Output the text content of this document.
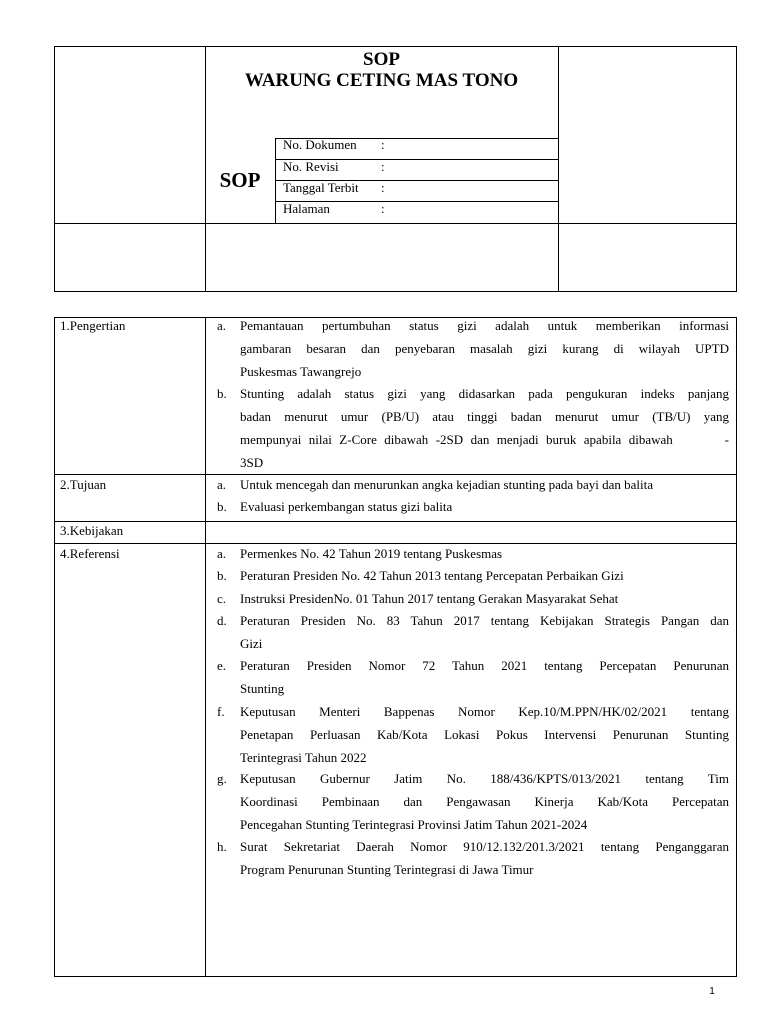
SOP
WARUNG CETING MAS TONO
SOP
No. Dokumen :
No. Revisi	:
Tanggal Terbit :
Halaman	:
1.Pengertian	a.	Pemantauan pertumbuhan status gizi adalah untuk memberikan informasi
gambaran besaran dan penyebaran masalah gizi kurang di wilayah UPTD
Puskesmas Tawangrejo
b.	Stunting adalah status gizi yang didasarkan pada pengukuran indeks panjang
badan menurut umur (PB/U) atau tinggi badan menurut umur (TB/U) yang
mempunyai nilai Z-Core dibawah -2SD dan menjadi buruk apabila dibawah       -
3SD
2.Tujuan	a.	Untuk mencegah dan menurunkan angka kejadian stunting pada bayi dan balita
b.	Evaluasi perkembangan status gizi balita
3.Kebijakan
4.Referensi	a.	Permenkes No. 42 Tahun 2019 tentang Puskesmas
b.	Peraturan Presiden No. 42 Tahun 2013 tentang Percepatan Perbaikan Gizi
c.	Instruksi PresidenNo. 01 Tahun 2017 tentang Gerakan Masyarakat Sehat
d.	Peraturan Presiden No. 83 Tahun 2017 tentang Kebijakan Strategis Pangan dan
Gizi
e.	Peraturan Presiden Nomor 72 Tahun 2021 tentang Percepatan Penurunan
Stunting
f.	Keputusan Menteri Bappenas Nomor Kep.10/M.PPN/HK/02/2021 tentang
Penetapan Perluasan Kab/Kota Lokasi Pokus Intervensi Penurunan Stunting
Terintegrasi Tahun 2022
g.	Keputusan Gubernur Jatim No. 188/436/KPTS/013/2021 tentang Tim
Koordinasi Pembinaan dan Pengawasan Kinerja Kab/Kota Percepatan
Pencegahan Stunting Terintegrasi Provinsi Jatim Tahun 2021-2024
h.	Surat Sekretariat Daerah Nomor 910/12.132/201.3/2021 tentang Penganggaran
Program Penurunan Stunting Terintegrasi di Jawa Timur
1
